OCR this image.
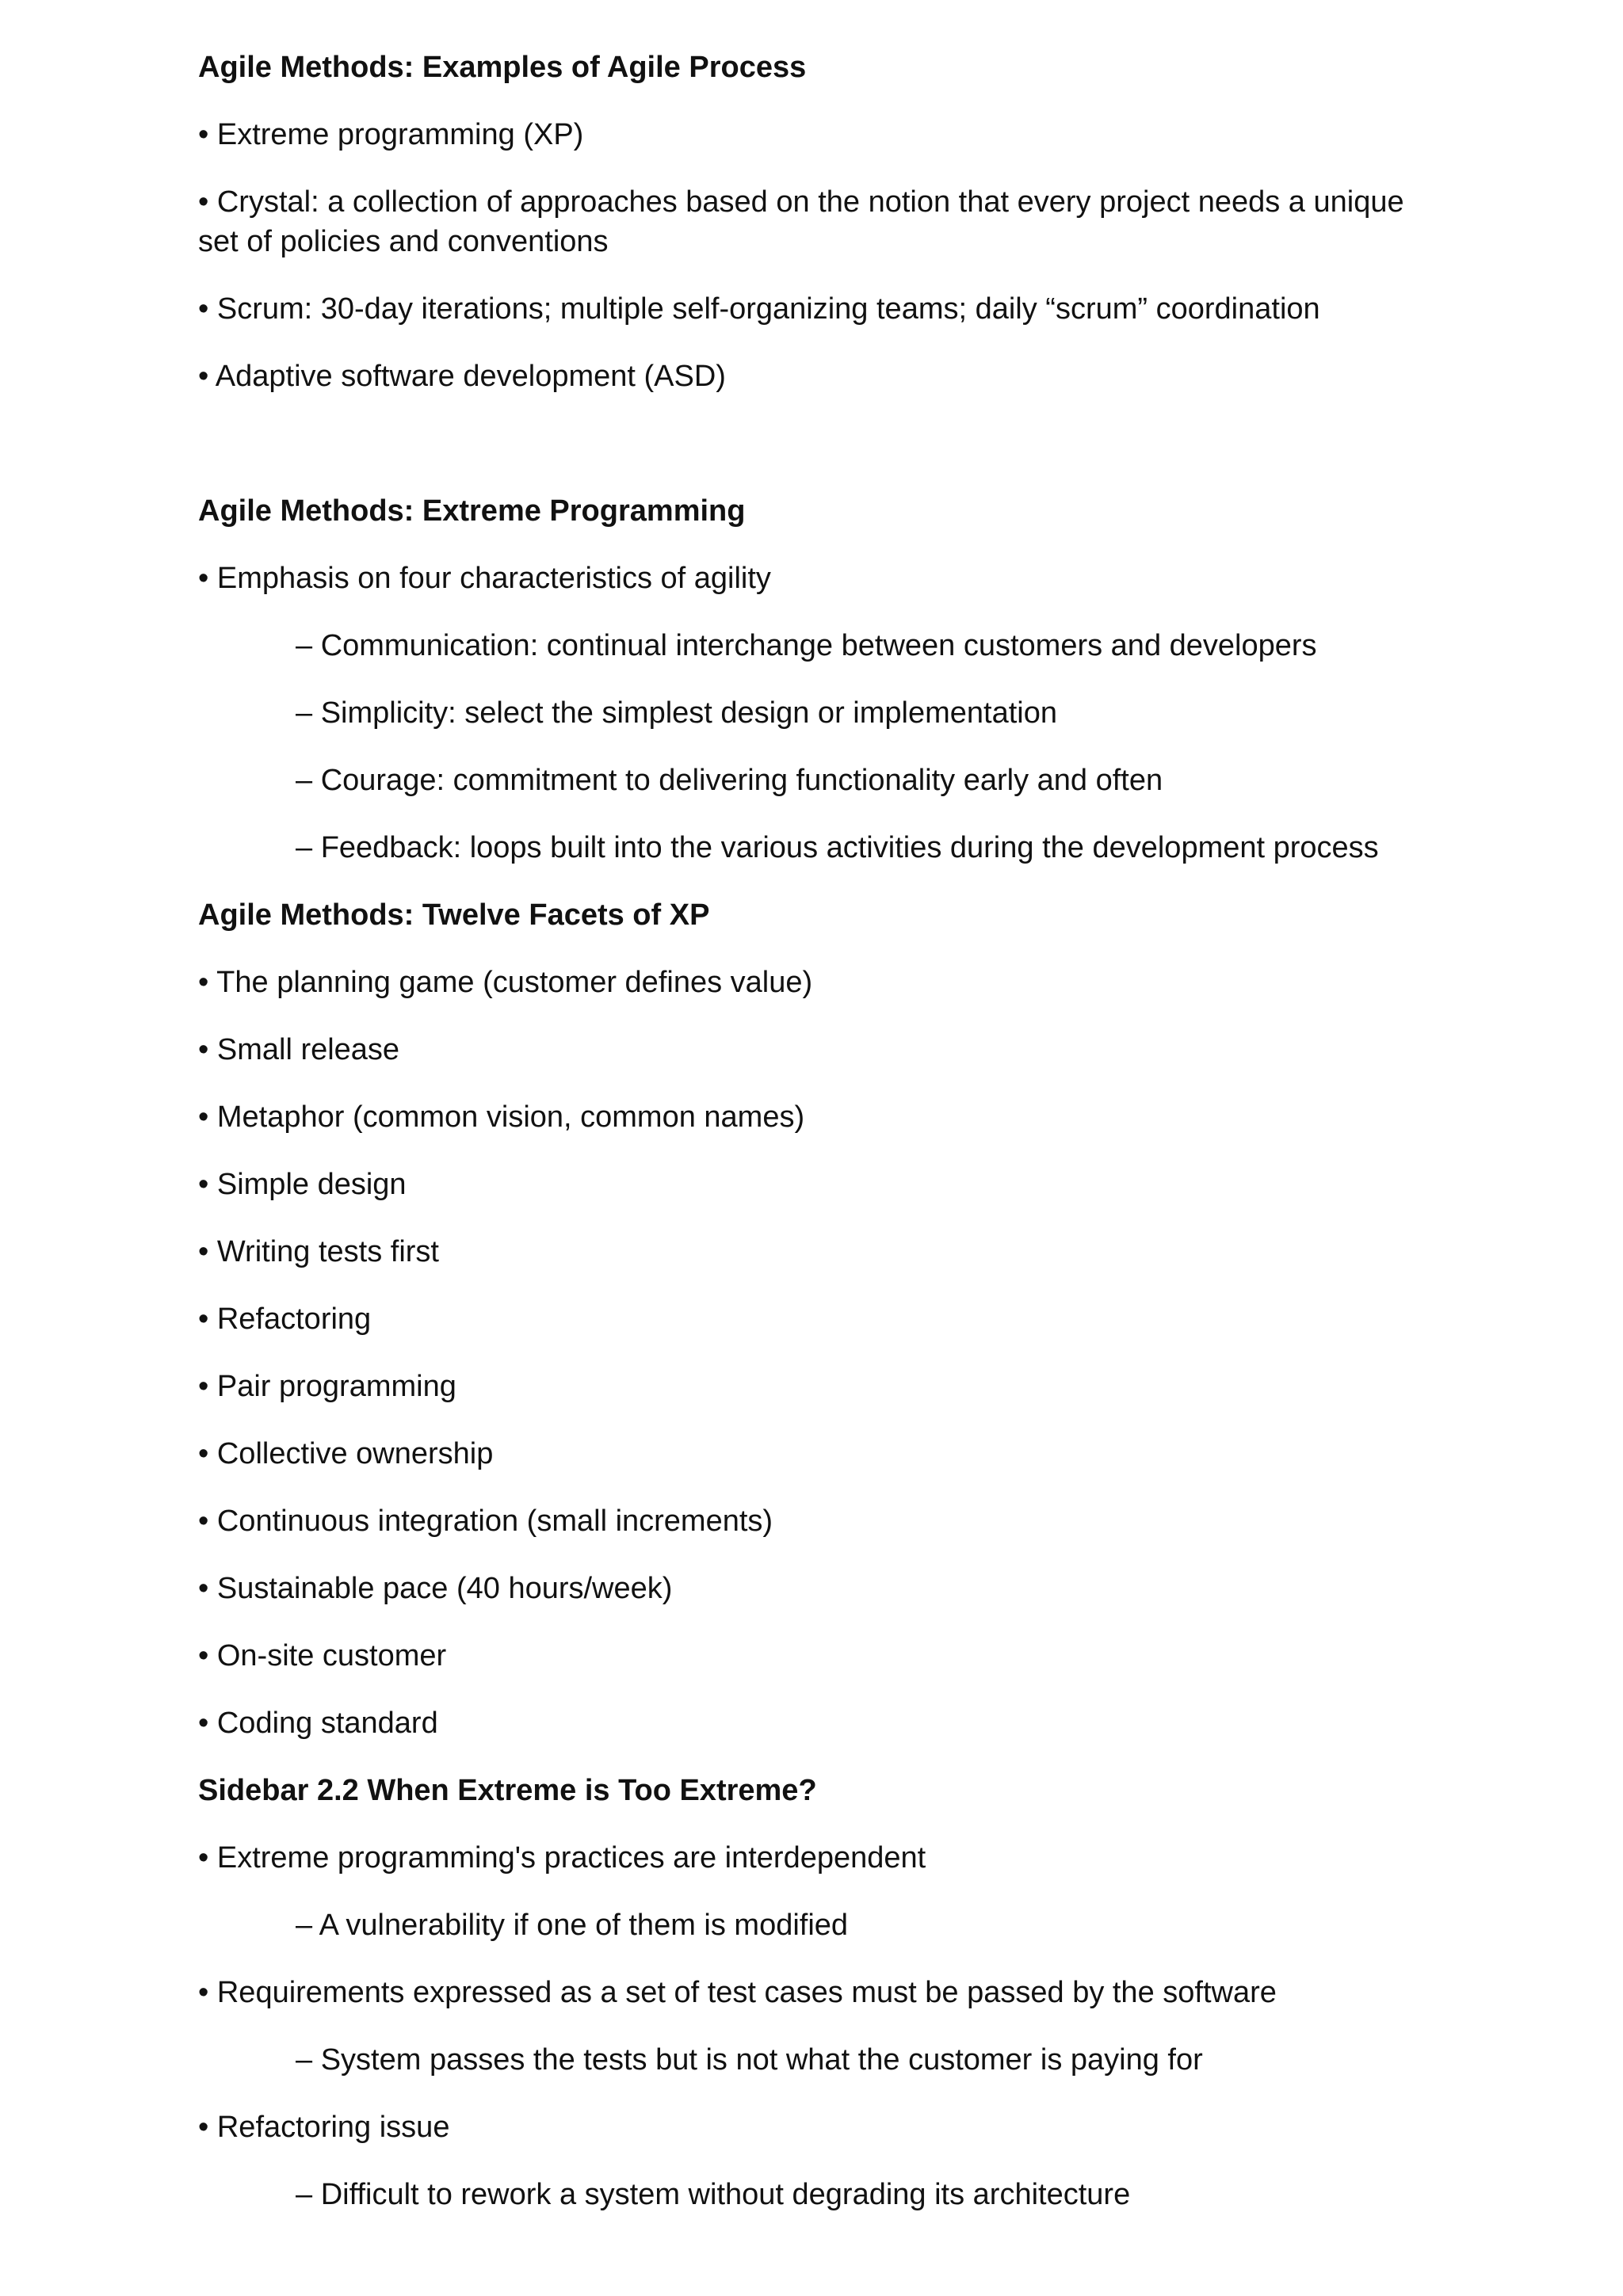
Agile Methods: Examples of Agile Process
• Extreme programming (XP)
• Crystal: a collection of approaches based on the notion that every project needs a unique set of policies and conventions
• Scrum: 30-day iterations; multiple self-organizing teams; daily “scrum” coordination
• Adaptive software development (ASD)
Agile Methods: Extreme Programming
• Emphasis on four characteristics of agility
– Communication: continual interchange between customers and developers
– Simplicity: select the simplest design or implementation
– Courage: commitment to delivering functionality early and often
– Feedback: loops built into the various activities during the development process
Agile Methods: Twelve Facets of XP
• The planning game (customer defines value)
• Small release
• Metaphor (common vision, common names)
• Simple design
• Writing tests first
• Refactoring
• Pair programming
• Collective ownership
• Continuous integration (small increments)
• Sustainable pace (40 hours/week)
• On-site customer
• Coding standard
Sidebar 2.2 When Extreme is Too Extreme?
• Extreme programming's practices are interdependent
– A vulnerability if one of them is modified
• Requirements expressed as a set of test cases must be passed by the software
– System passes the tests but is not what the customer is paying for
• Refactoring issue
– Difficult to rework a system without degrading its architecture
